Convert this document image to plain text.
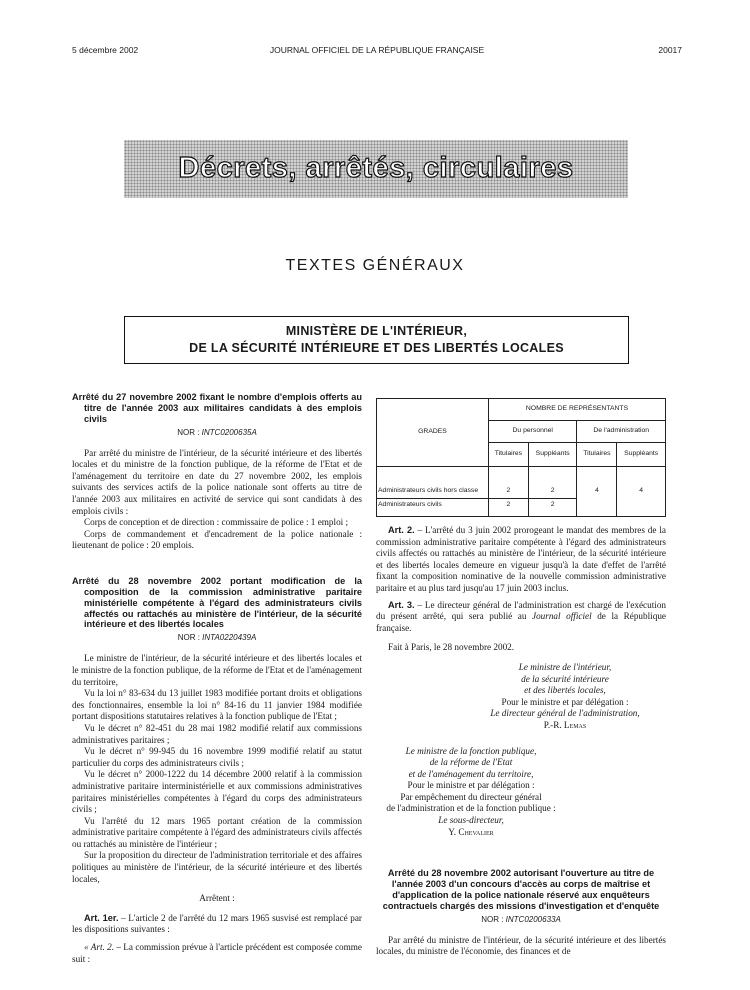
5 décembre 2002	JOURNAL OFFICIEL DE LA RÉPUBLIQUE FRANÇAISE	20017
Décrets, arrêtés, circulaires
TEXTES GÉNÉRAUX
MINISTÈRE DE L'INTÉRIEUR,
DE LA SÉCURITÉ INTÉRIEURE ET DES LIBERTÉS LOCALES
Arrêté du 27 novembre 2002 fixant le nombre d'emplois offerts au titre de l'année 2003 aux militaires candidats à des emplois civils
NOR : INTC0200635A

Par arrêté du ministre de l'intérieur, de la sécurité intérieure et des libertés locales et du ministre de la fonction publique, de la réforme de l'Etat et de l'aménagement du territoire en date du 27 novembre 2002, les emplois suivants des services actifs de la police nationale sont offerts au titre de l'année 2003 aux militaires en activité de service qui sont candidats à des emplois civils :

Corps de conception et de direction : commissaire de police : 1 emploi ;

Corps de commandement et d'encadrement de la police nationale : lieutenant de police : 20 emplois.

Arrêté du 28 novembre 2002 portant modification de la composition de la commission administrative paritaire ministérielle compétente à l'égard des administrateurs civils affectés ou rattachés au ministère de l'intérieur, de la sécurité intérieure et des libertés locales
NOR : INTA0220439A

Le ministre de l'intérieur, de la sécurité intérieure et des libertés locales et le ministre de la fonction publique, de la réforme de l'Etat et de l'aménagement du territoire,

Vu la loi n° 83-634 du 13 juillet 1983 modifiée portant droits et obligations des fonctionnaires, ensemble la loi n° 84-16 du 11 janvier 1984 modifiée portant dispositions statutaires relatives à la fonction publique de l'Etat ;

Vu le décret n° 82-451 du 28 mai 1982 modifié relatif aux commissions administratives paritaires ;

Vu le décret n° 99-945 du 16 novembre 1999 modifié relatif au statut particulier du corps des administrateurs civils ;

Vu le décret n° 2000-1222 du 14 décembre 2000 relatif à la commission administrative paritaire interministérielle et aux commissions administratives paritaires ministérielles compétentes à l'égard du corps des administrateurs civils ;

Vu l'arrêté du 12 mars 1965 portant création de la commission administrative paritaire compétente à l'égard des administrateurs civils affectés ou rattachés au ministère de l'intérieur ;

Sur la proposition du directeur de l'administration territoriale et des affaires politiques au ministère de l'intérieur, de la sécurité intérieure et des libertés locales,

Arrêtent :

Art. 1er. – L'article 2 de l'arrêté du 12 mars 1965 susvisé est remplacé par les dispositions suivantes :

« Art. 2. – La commission prévue à l'article précédent est composée comme suit :

GRADES	NOMBRE DE REPRÉSENTANTS			
	Du personnel		De l'administration	
	Titulaires	Suppléants	Titulaires	Suppléants
Administrateurs civils hors classe	2	2	4	4
Administrateurs civils	2	2		

Art. 2. – L'arrêté du 3 juin 2002 prorogeant le mandat des membres de la commission administrative paritaire compétente à l'égard des administrateurs civils affectés ou rattachés au ministère de l'intérieur, de la sécurité intérieure et des libertés locales demeure en vigueur jusqu'à la date d'effet de l'arrêté fixant la composition nominative de la nouvelle commission administrative paritaire et au plus tard jusqu'au 17 juin 2003 inclus.

Art. 3. – Le directeur général de l'administration est chargé de l'exécution du présent arrêté, qui sera publié au Journal officiel de la République française.

Fait à Paris, le 28 novembre 2002.

Le ministre de l'intérieur,
de la sécurité intérieure
et des libertés locales,
Pour le ministre et par délégation :
Le directeur général de l'administration,
P.-R. Lemas
Le ministre de la fonction publique,
de la réforme de l'Etat
et de l'aménagement du territoire,
Pour le ministre et par délégation :
Par empêchement du directeur général
de l'administration et de la fonction publique :
Le sous-directeur,
Y. Chevalier
Arrêté du 28 novembre 2002 autorisant l'ouverture au titre de l'année 2003 d'un concours d'accès au corps de maîtrise et d'application de la police nationale réservé aux enquêteurs contractuels chargés des missions d'investigation et d'enquête
NOR : INTC0200633A

Par arrêté du ministre de l'intérieur, de la sécurité intérieure et des libertés locales, du ministre de l'économie, des finances et de
